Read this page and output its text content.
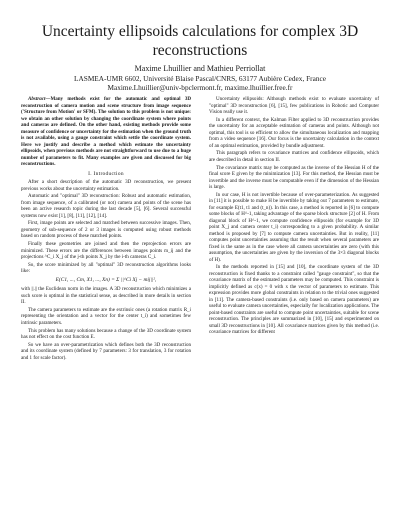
Uncertainty ellipsoids calculations for complex 3D reconstructions
Maxime Lhuillier and Mathieu Perriollat
LASMEA-UMR 6602, Université Blaise Pascal/CNRS, 63177 Aubière Cedex, France
Maxime.Lhuillier@univ-bpclermont.fr, maxime.lhuillier.free.fr

Abstract—Many methods exist for the automatic and optimal 3D reconstruction of camera motion and scene structure from image sequence ('Structure from Motion' or SFM). The solution to this problem is not unique: we obtain an other solution by changing the coordinate system where points and cameras are defined. On the other hand, existing methods provide some measure of confidence or uncertainty for the estimation when the ground truth is not available, using a gauge constraint which settle the coordinate system. Here we justify and describe a method which estimate the uncertainty ellipsoids, when previous methods are not straightforward to use due to a huge number of parameters to fit. Many examples are given and discussed for big reconstructions.

I. Introduction

After a short description of the automatic 3D reconstruction, we present previous works about the uncertainty estimation.

Automatic and "optimal" 3D reconstruction: Robust and automatic estimation, from image sequence, of a calibrated (or not) camera and points of the scene has been an active research topic during the last decade [5], [6]. Several successful systems now exist [1], [8], [11], [12], [14].

First, image points are selected and matched between successive images. Then, geometry of sub-sequence of 2 or 3 images is computed using robust methods based on random process of these matched points.

Finally these geometries are joined and then the reprojection errors are minimized. These errors are the differences between images points m_ij and the projections ^C_i X_j of the j-th points X_j by the i-th cameras C_i.

So, the score minimized by all "optimal" 3D reconstruction algorithms looks like:

E(C1, ..., Cm, X1, ..., Xn) = Σ ||^Ci Xj − mij||²,

with ||.|| the Euclidean norm in the images. A 3D reconstruction which minimizes a such score is optimal in the statistical sense, as described in more details in section II.

The camera parameters to estimate are the extrinsic ones (a rotation matrix R_i representing the orientation and a vector for the center t_i) and sometimes few intrinsic parameters.

This problem has many solutions because a change of the 3D coordinate system has not effect on the cost function E.

So we have an over-parametrization which defines both the 3D reconstruction and its coordinate system (defined by 7 parameters: 3 for translation, 3 for rotation and 1 for scale factor).

Uncertainty ellipsoids: Although methods exist to evaluate uncertainty of "optimal" 3D reconstruction [6], [15], few publications in Robotic and Computer Vision really use it.

In a different context, the Kalman Filter applied to 3D reconstruction provides the uncertainty for an acceptable estimation of cameras and points. Although not optimal, this tool is so efficient to allow the simultaneous localization and mapping from a video sequence [16]. Our focus is the uncertainty calculation in the context of an optimal estimation, provided by bundle adjustment.

This paragraph refers to covariance matrices and confidence ellipsoids, which are described in detail in section II.

The covariance matrix may be computed as the inverse of the Hessian H of the final score E given by the minimization [13]. For this method, the Hessian must be invertible and the inverse must be computable even if the dimension of the Hessian is large.

In our case, H is not invertible because of over-parameterization. As suggested in [11] it is possible to make H be invertible by taking out 7 parameters to estimate, for example E(t1, t1 and (t_n)). In this case, a method is reported in [6] to compute some blocks of H^-1, taking advantage of the sparse block structure [2] of H. From diagonal block of H^-1, we compute confidence ellipsoids (for example for 3D point X_j and camera center t_i) corresponding to a given probability. A similar method is proposed by [7] to compute camera uncertainties. But in reality, [11] computes point uncertainties assuming that the result when several parameters are fixed is the same as in the case where all camera uncertainties are zero (with this assumption, the uncertainties are given by the inversion of the 3×3 diagonal blocks of H).

In the methods reported in [15] and [10], the coordinate system of the 3D reconstruction is fixed thanks to a constraint called "gauge constraint", so that the covariance matrix of the estimated parameters may be computed. This constraint is implicitly defined as c(x) = 0 with x the vector of parameters to estimate. This expression provides more global constraints in relation to the trivial ones suggested in [11]. The camera-based constraints (i.e. only based on camera parameters) are useful to evaluate camera uncertainties, especially for localization applications. The point-based constraints are useful to compute point uncertainties, suitable for scene reconstruction. The principles are summarized in [10], [15] and experimented on small 3D reconstructions in [10]. All covariance matrices given by this method (i.e. covariance matrices for different
